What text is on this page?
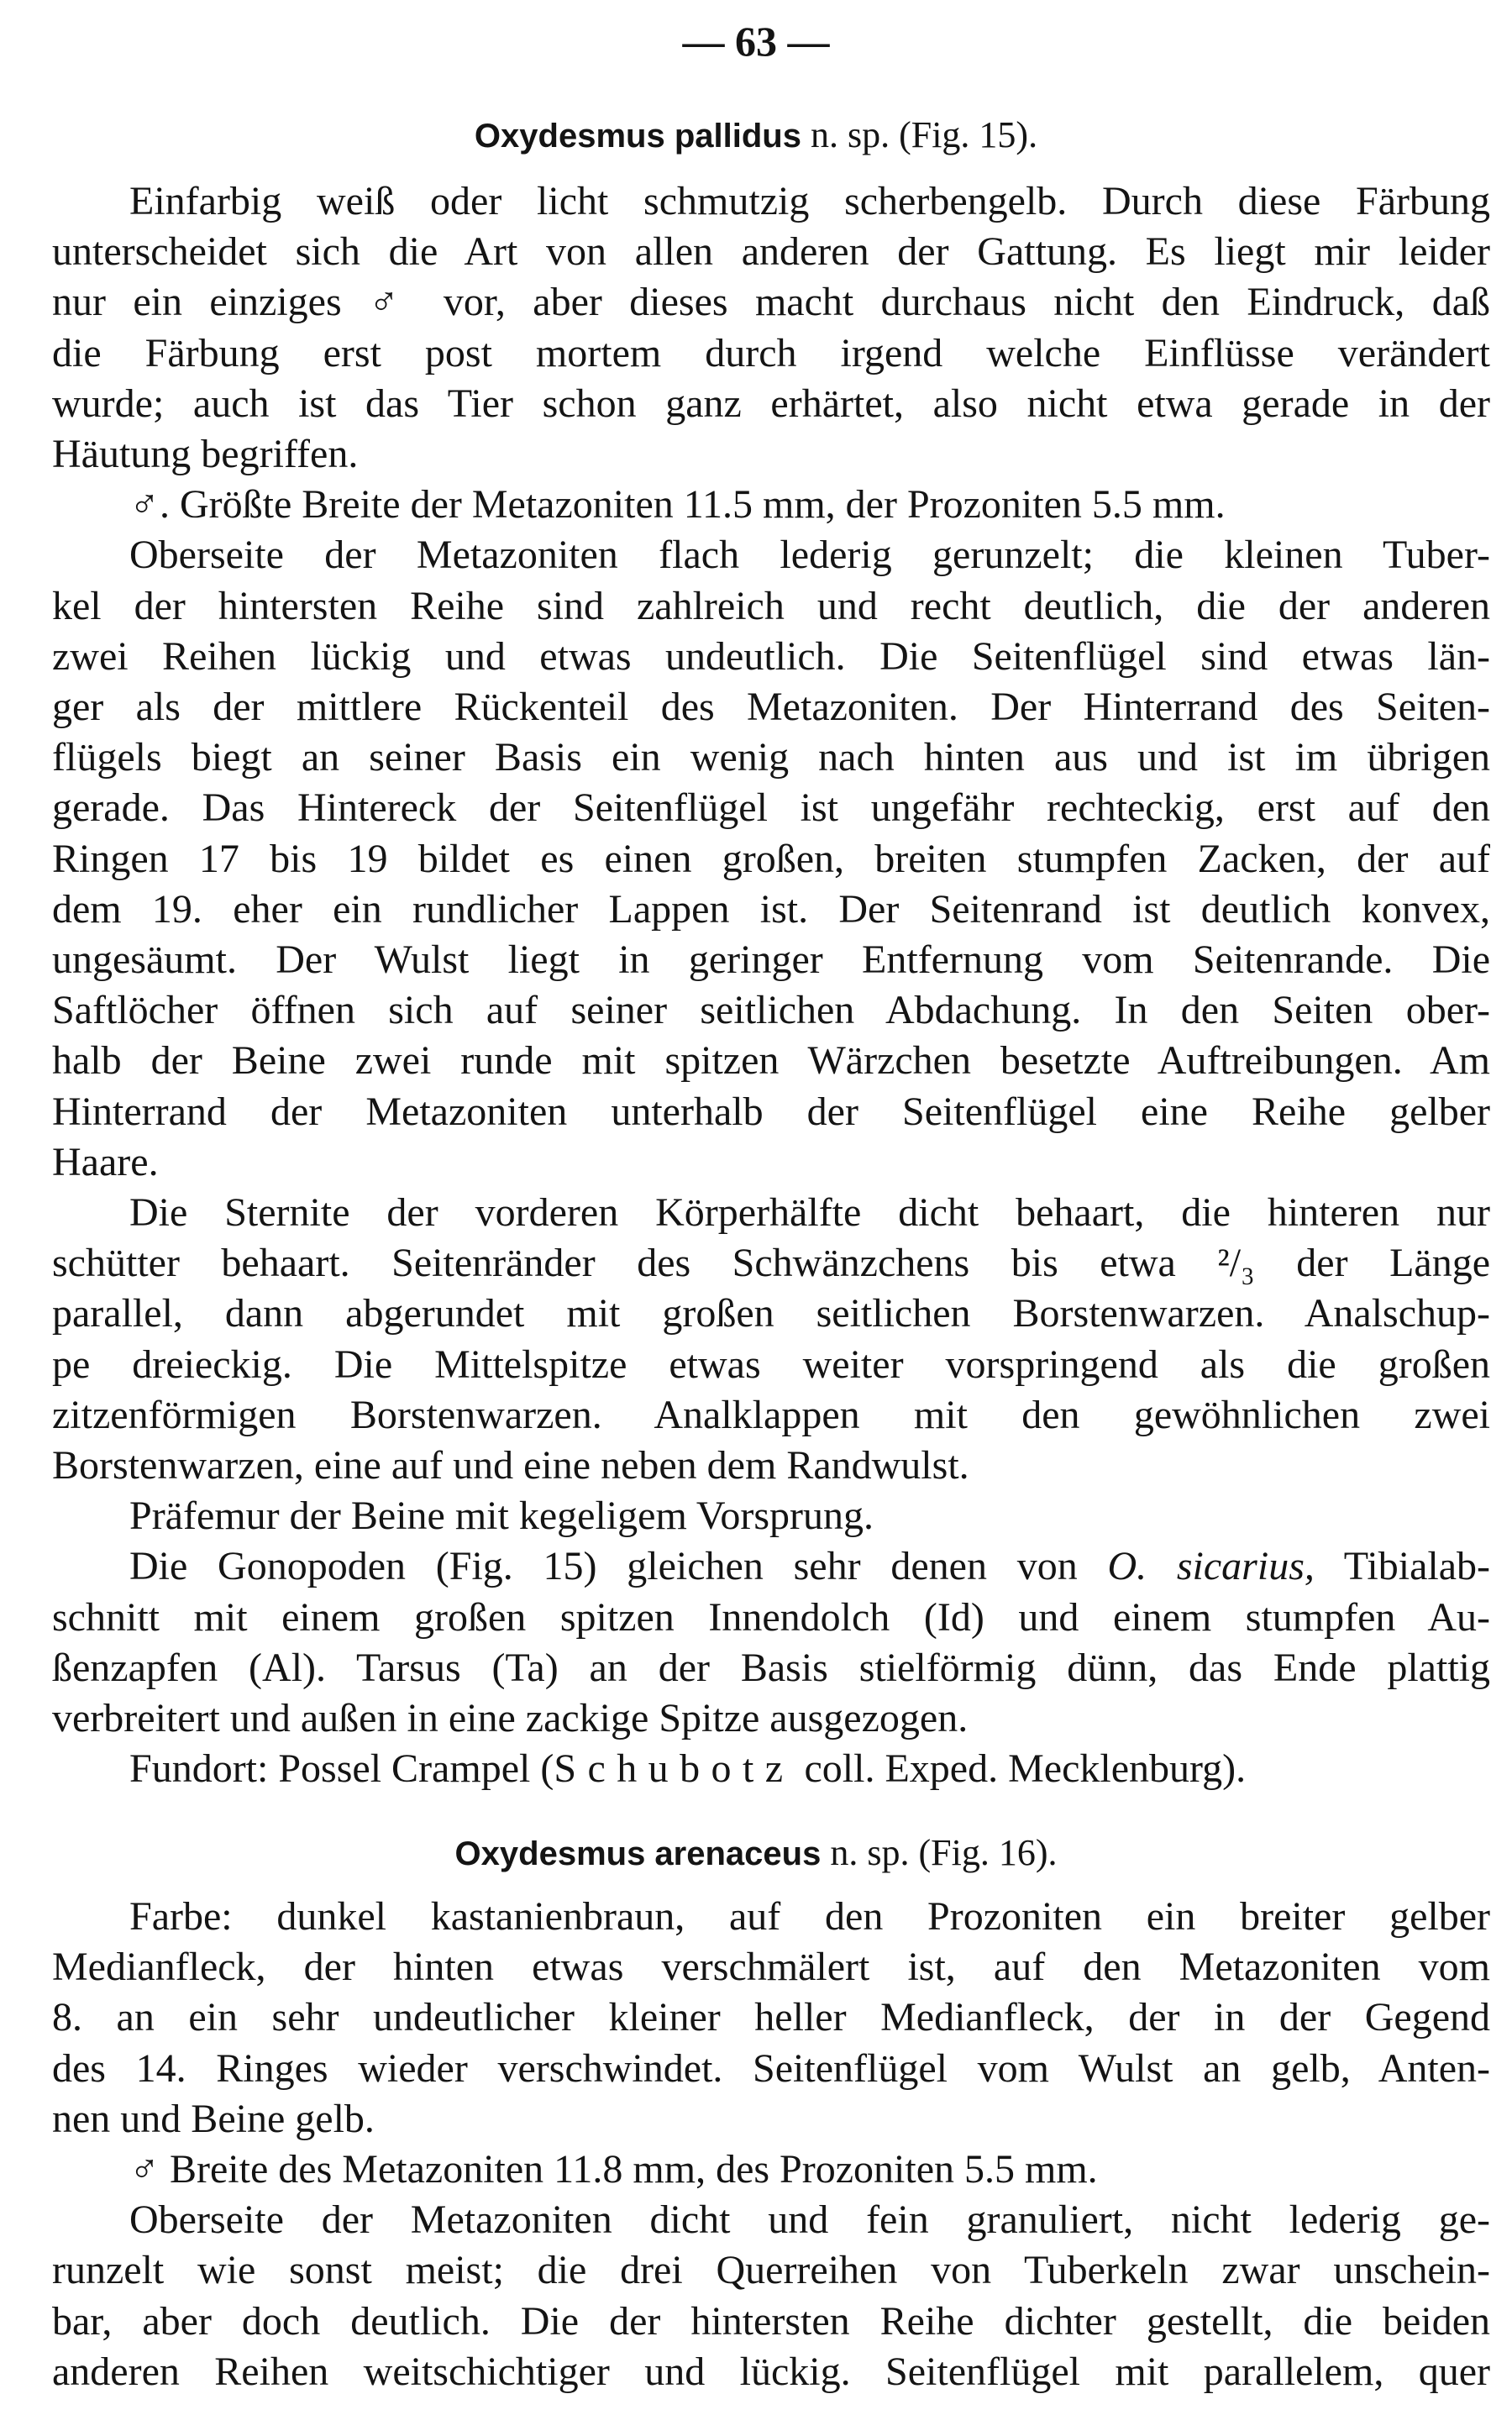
— 63 —
Oxydesmus pallidus n. sp. (Fig. 15).
Einfarbig weiß oder licht schmutzig scherbengelb. Durch diese Färbung
unterscheidet sich die Art von allen anderen der Gattung. Es liegt mir leider
nur ein einziges ♂ vor, aber dieses macht durchaus nicht den Eindruck, daß
die Färbung erst post mortem durch irgend welche Einflüsse verändert
wurde; auch ist das Tier schon ganz erhärtet, also nicht etwa gerade in der
Häutung begriffen.
♂. Größte Breite der Metazoniten 11.5 mm, der Prozoniten 5.5 mm.
Oberseite der Metazoniten flach lederig gerunzelt; die kleinen Tuber-
kel der hintersten Reihe sind zahlreich und recht deutlich, die der anderen
zwei Reihen lückig und etwas undeutlich. Die Seitenflügel sind etwas län-
ger als der mittlere Rückenteil des Metazoniten. Der Hinterrand des Seiten-
flügels biegt an seiner Basis ein wenig nach hinten aus und ist im übrigen
gerade. Das Hintereck der Seitenflügel ist ungefähr rechteckig, erst auf den
Ringen 17 bis 19 bildet es einen großen, breiten stumpfen Zacken, der auf
dem 19. eher ein rundlicher Lappen ist. Der Seitenrand ist deutlich konvex,
ungesäumt. Der Wulst liegt in geringer Entfernung vom Seitenrande. Die
Saftlöcher öffnen sich auf seiner seitlichen Abdachung. In den Seiten ober-
halb der Beine zwei runde mit spitzen Wärzchen besetzte Auftreibungen. Am
Hinterrand der Metazoniten unterhalb der Seitenflügel eine Reihe gelber
Haare.
Die Sternite der vorderen Körperhälfte dicht behaart, die hinteren nur
schütter behaart. Seitenränder des Schwänzchens bis etwa ²/₃ der Länge
parallel, dann abgerundet mit großen seitlichen Borstenwarzen. Analschup-
pe dreieckig. Die Mittelspitze etwas weiter vorspringend als die großen
zitzenförmigen Borstenwarzen. Analklappen mit den gewöhnlichen zwei
Borstenwarzen, eine auf und eine neben dem Randwulst.
Präfemur der Beine mit kegeligem Vorsprung.
Die Gonopoden (Fig. 15) gleichen sehr denen von O. sicarius, Tibialab-
schnitt mit einem großen spitzen Innendolch (Id) und einem stumpfen Au-
ßenzapfen (Al). Tarsus (Ta) an der Basis stielförmig dünn, das Ende plattig
verbreitert und außen in eine zackige Spitze ausgezogen.
Fundort: Possel Crampel (Schubotz coll. Exped. Mecklenburg).
Oxydesmus arenaceus n. sp. (Fig. 16).
Farbe: dunkel kastanienbraun, auf den Prozoniten ein breiter gelber
Medianfleck, der hinten etwas verschmälert ist, auf den Metazoniten vom
8. an ein sehr undeutlicher kleiner heller Medianfleck, der in der Gegend
des 14. Ringes wieder verschwindet. Seitenflügel vom Wulst an gelb, Anten-
nen und Beine gelb.
♂ Breite des Metazoniten 11.8 mm, des Prozoniten 5.5 mm.
Oberseite der Metazoniten dicht und fein granuliert, nicht lederig ge-
runzelt wie sonst meist; die drei Querreihen von Tuberkeln zwar unschein-
bar, aber doch deutlich. Die der hintersten Reihe dichter gestellt, die beiden
anderen Reihen weitschichtiger und lückig. Seitenflügel mit parallelem, quer
